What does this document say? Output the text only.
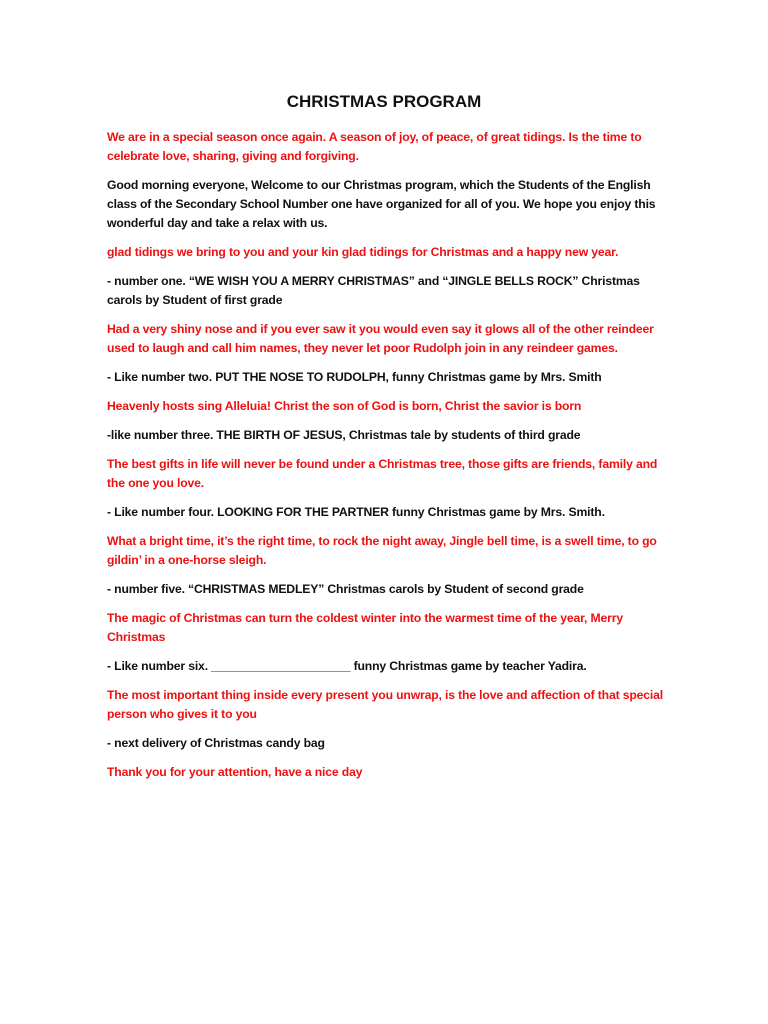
CHRISTMAS PROGRAM

We are in a special season once again. A season of joy, of peace, of great tidings. Is the time to celebrate love, sharing, giving and forgiving.

Good morning everyone, Welcome to our Christmas program, which the Students of the English class of the Secondary School Number one have organized for all of you. We hope you enjoy this wonderful day and take a relax with us.

glad tidings we bring to you and your kin glad tidings for Christmas and a happy new year.

- number one. “WE WISH YOU A MERRY CHRISTMAS” and “JINGLE BELLS ROCK” Christmas carols by Student of first grade

Had a very shiny nose and if you ever saw it you would even say it glows all of the other reindeer used to laugh and call him names, they never let poor Rudolph join in any reindeer games.

- Like number two. PUT THE NOSE TO RUDOLPH, funny Christmas game by Mrs. Smith

Heavenly hosts sing Alleluia! Christ the son of God is born, Christ the savior is born

-like number three. THE BIRTH OF JESUS, Christmas tale by students of third grade

The best gifts in life will never be found under a Christmas tree, those gifts are friends, family and the one you love.

- Like number four. LOOKING FOR THE PARTNER funny Christmas game by Mrs. Smith.

What a bright time, it’s the right time, to rock the night away, Jingle bell time, is a swell time, to go gildin’ in a one-horse sleigh.

- number five. “CHRISTMAS MEDLEY” Christmas carols by Student of second grade

The magic of Christmas can turn the coldest winter into the warmest time of the year, Merry Christmas

- Like number six. _____________________ funny Christmas game by teacher Yadira.

The most important thing inside every present you unwrap, is the love and affection of that special person who gives it to you

- next delivery of Christmas candy bag

Thank you for your attention, have a nice day
